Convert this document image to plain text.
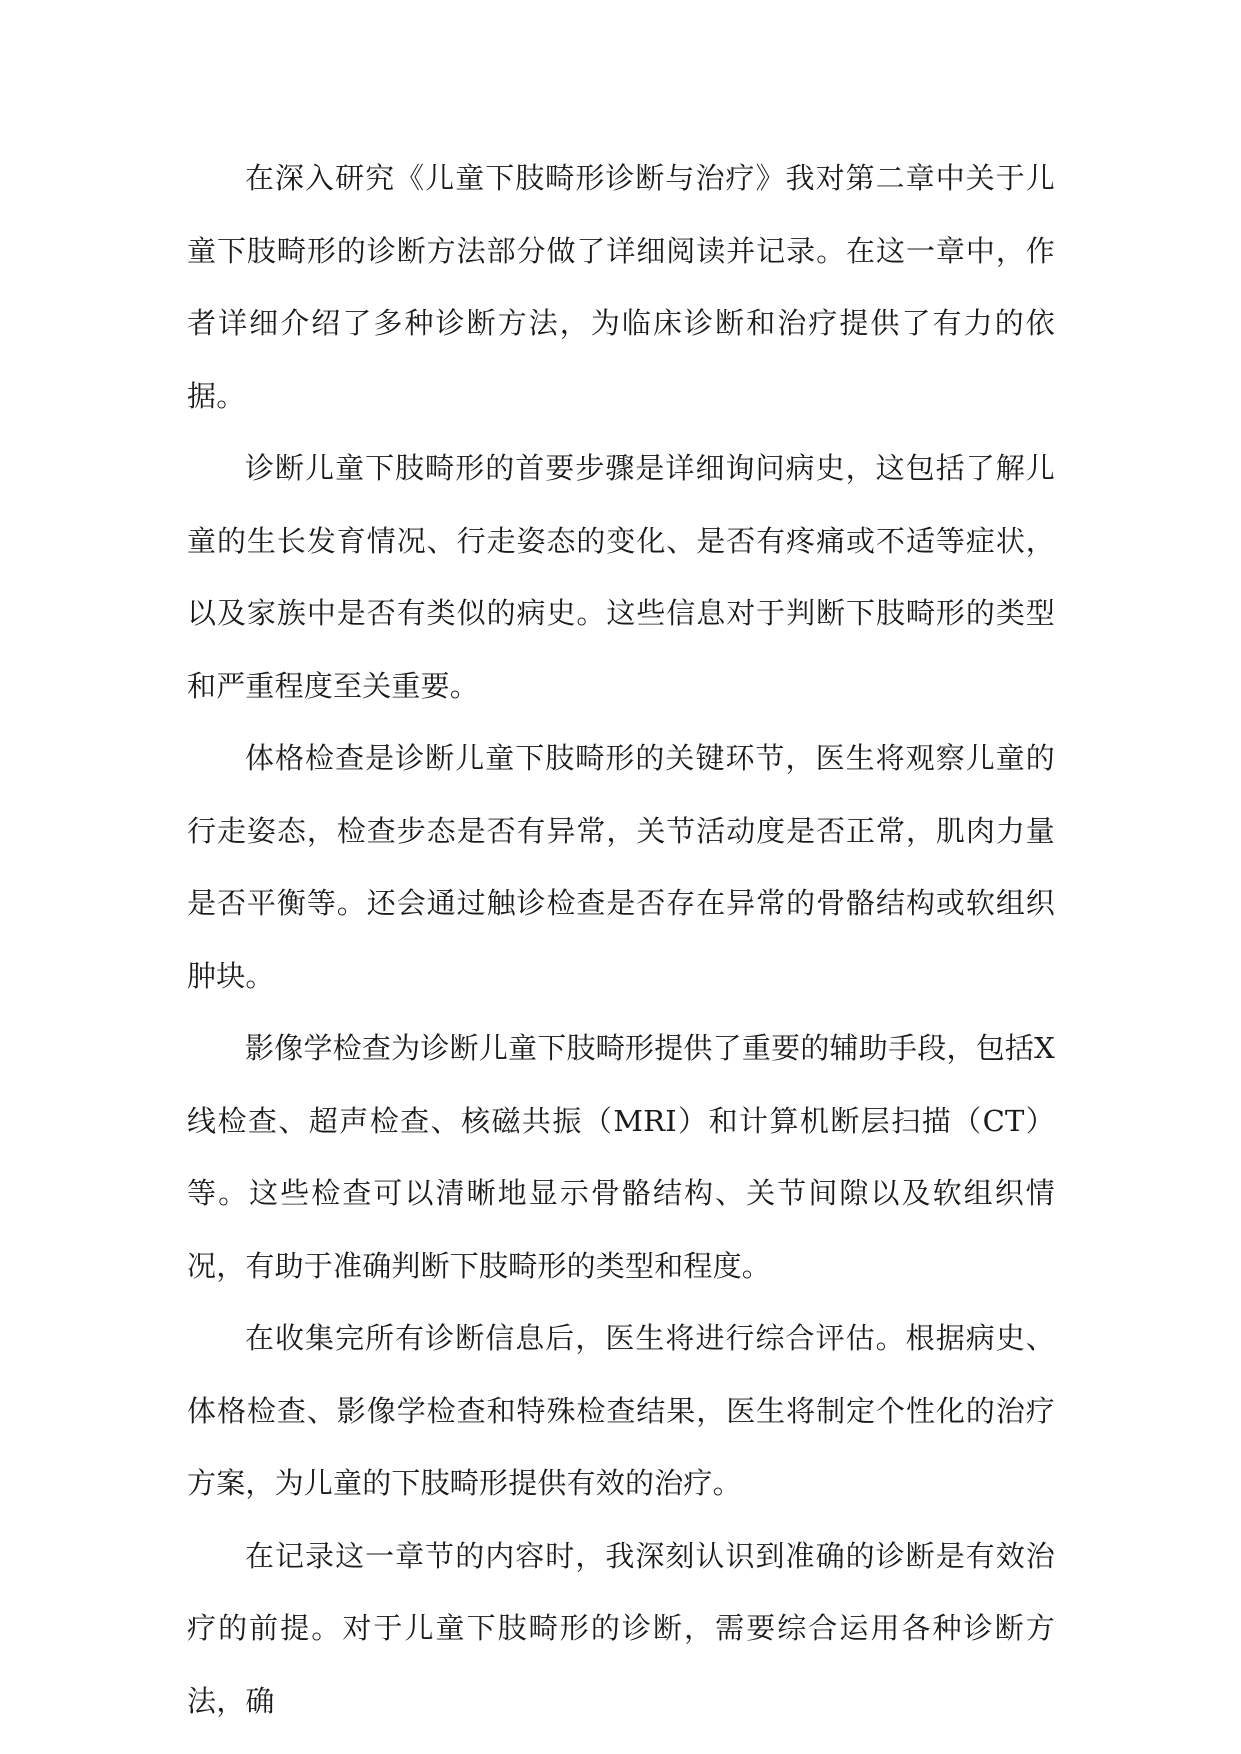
在深入研究《儿童下肢畸形诊断与治疗》我对第二章中关于儿童下肢畸形的诊断方法部分做了详细阅读并记录。在这一章中，作者详细介绍了多种诊断方法，为临床诊断和治疗提供了有力的依据。

诊断儿童下肢畸形的首要步骤是详细询问病史，这包括了解儿童的生长发育情况、行走姿态的变化、是否有疼痛或不适等症状，以及家族中是否有类似的病史。这些信息对于判断下肢畸形的类型和严重程度至关重要。

体格检查是诊断儿童下肢畸形的关键环节，医生将观察儿童的行走姿态，检查步态是否有异常，关节活动度是否正常，肌肉力量是否平衡等。还会通过触诊检查是否存在异常的骨骼结构或软组织肿块。

影像学检查为诊断儿童下肢畸形提供了重要的辅助手段，包括X线检查、超声检查、核磁共振（MRI）和计算机断层扫描（CT）等。这些检查可以清晰地显示骨骼结构、关节间隙以及软组织情况，有助于准确判断下肢畸形的类型和程度。

在收集完所有诊断信息后，医生将进行综合评估。根据病史、体格检查、影像学检查和特殊检查结果，医生将制定个性化的治疗方案，为儿童的下肢畸形提供有效的治疗。

在记录这一章节的内容时，我深刻认识到准确的诊断是有效治疗的前提。对于儿童下肢畸形的诊断，需要综合运用各种诊断方法，确
